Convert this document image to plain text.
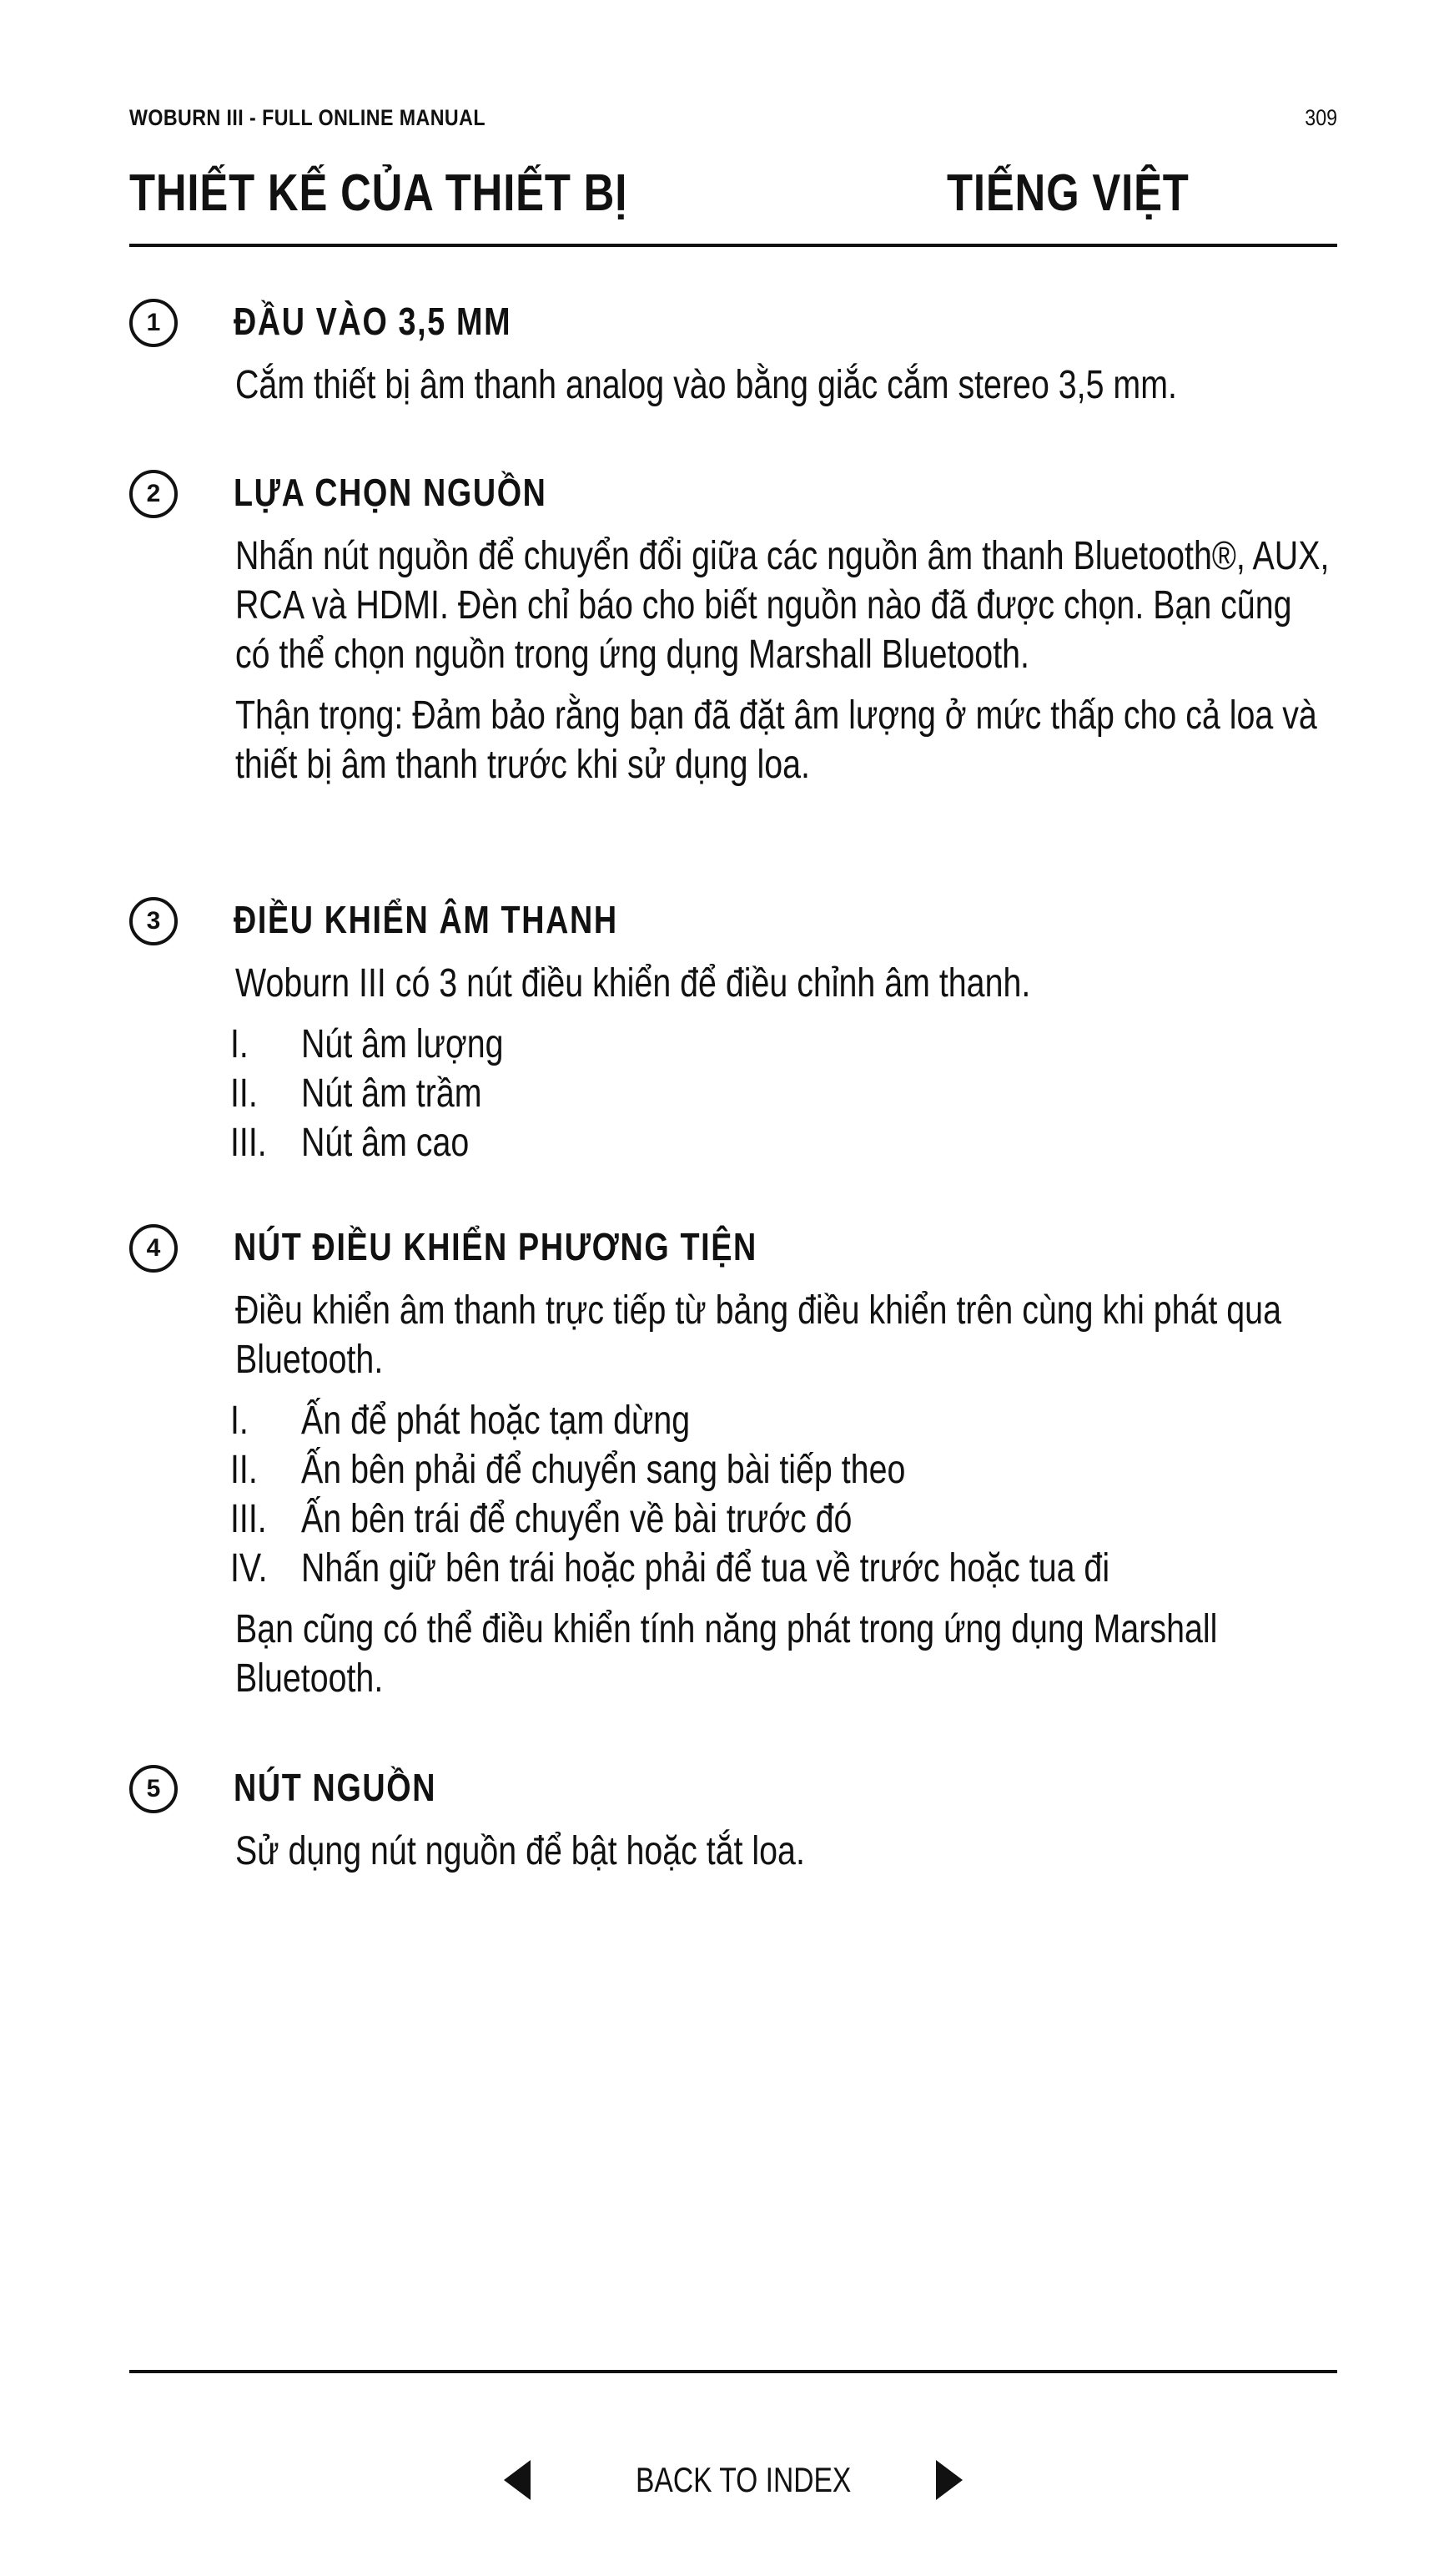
WOBURN III - FULL ONLINE MANUAL	309
THIẾT KẾ CỦA THIẾT BỊ	TIẾNG VIỆT
1	ĐẦU VÀO 3,5 MM

Cắm thiết bị âm thanh analog vào bằng giắc cắm stereo 3,5 mm.

2	LỰA CHỌN NGUỒN

Nhấn nút nguồn để chuyển đổi giữa các nguồn âm thanh Bluetooth®, AUX, RCA và HDMI. Đèn chỉ báo cho biết nguồn nào đã được chọn. Bạn cũng có thể chọn nguồn trong ứng dụng Marshall Bluetooth.

Thận trọng: Đảm bảo rằng bạn đã đặt âm lượng ở mức thấp cho cả loa và thiết bị âm thanh trước khi sử dụng loa.

3	ĐIỀU KHIỂN ÂM THANH

Woburn III có 3 nút điều khiển để điều chỉnh âm thanh.

I. Nút âm lượng
II. Nút âm trầm
III. Nút âm cao
4	NÚT ĐIỀU KHIỂN PHƯƠNG TIỆN

Điều khiển âm thanh trực tiếp từ bảng điều khiển trên cùng khi phát qua Bluetooth.

I. Ấn để phát hoặc tạm dừng
II. Ấn bên phải để chuyển sang bài tiếp theo
III. Ấn bên trái để chuyển về bài trước đó
IV. Nhấn giữ bên trái hoặc phải để tua về trước hoặc tua đi

Bạn cũng có thể điều khiển tính năng phát trong ứng dụng Marshall Bluetooth.

5	NÚT NGUỒN

Sử dụng nút nguồn để bật hoặc tắt loa.

BACK TO INDEX
